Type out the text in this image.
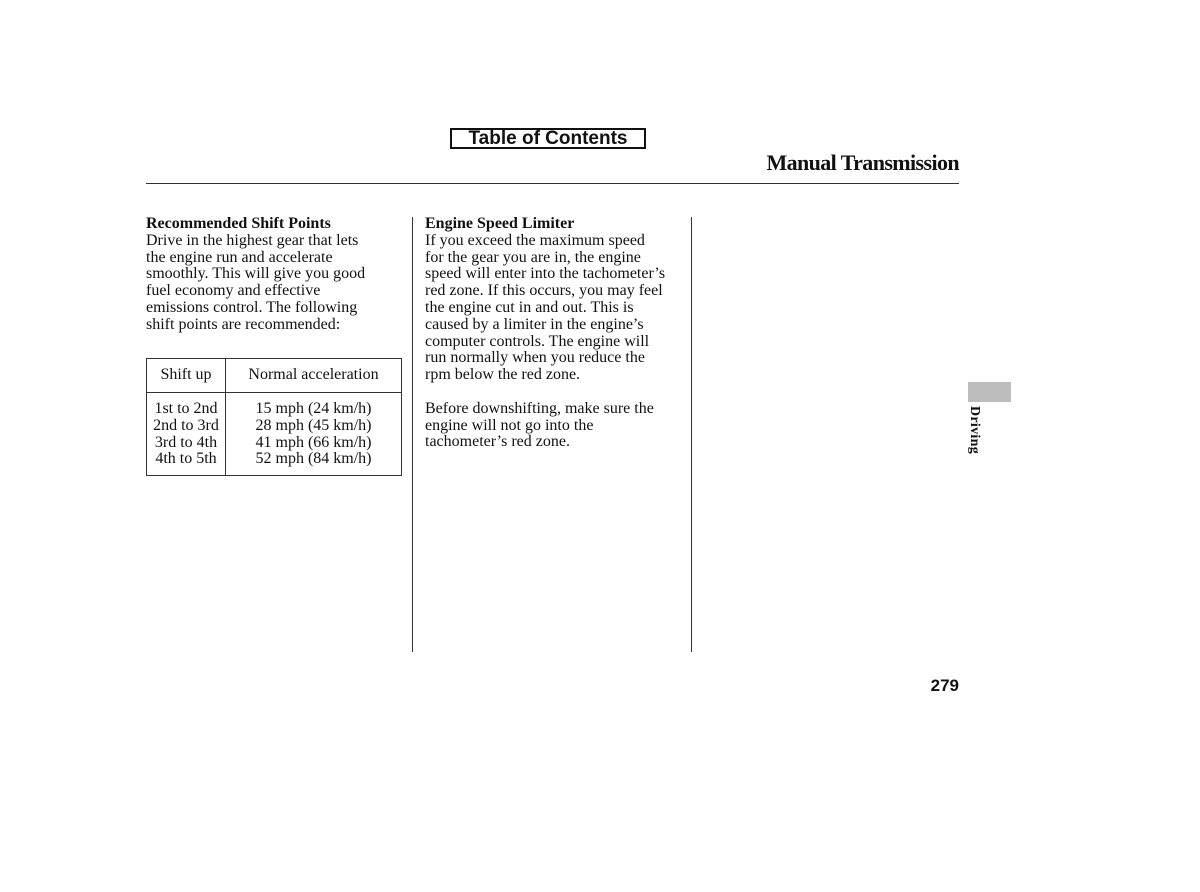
Table of Contents
Manual Transmission

Recommended Shift Points

Drive in the highest gear that lets
the engine run and accelerate
smoothly. This will give you good
fuel economy and effective
emissions control. The following
shift points are recommended:

Shift up	Normal acceleration
1st to 2nd	15 mph (24 km/h)
2nd to 3rd	28 mph (45 km/h)
3rd to 4th	41 mph (66 km/h)
4th to 5th	52 mph (84 km/h)

Engine Speed Limiter

If you exceed the maximum speed
for the gear you are in, the engine
speed will enter into the tachometer’s
red zone. If this occurs, you may feel
the engine cut in and out. This is
caused by a limiter in the engine’s
computer controls. The engine will
run normally when you reduce the
rpm below the red zone.

Before downshifting, make sure the
engine will not go into the
tachometer’s red zone.	Driving
279
